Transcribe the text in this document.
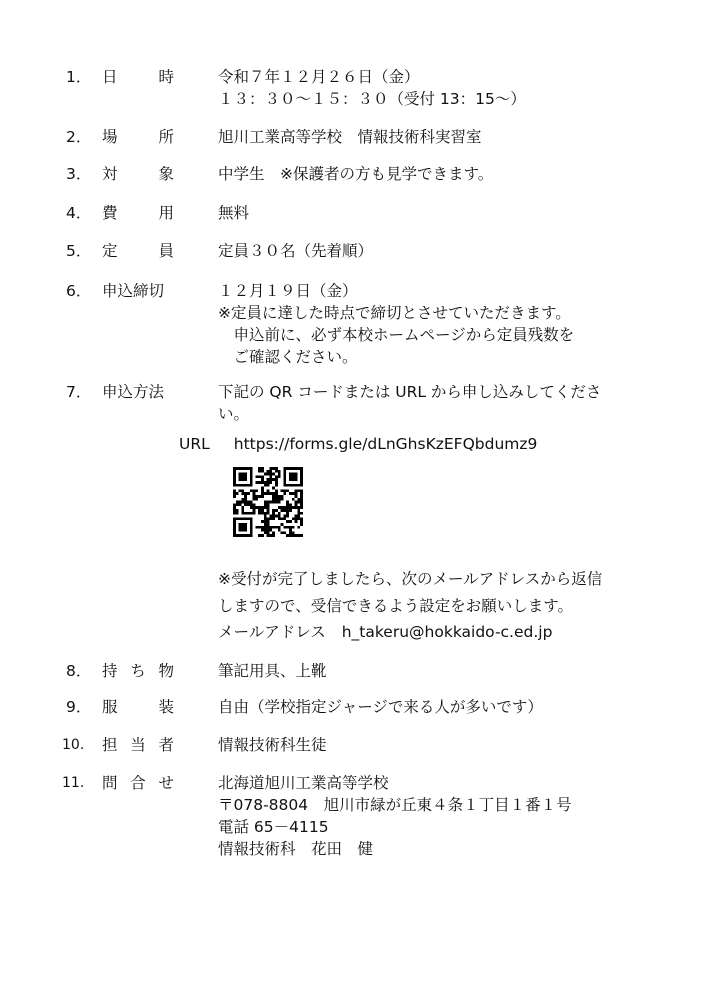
1． 日	時	令和７年１２月２６日（金）
１３：３０～１５：３０（受付 13：15～）
2． 場	所	旭川工業高等学校　情報技術科実習室
3． 対	象	中学生　※保護者の方も見学できます。
4． 費	用	無料
5． 定	員	定員３０名（先着順）
6． 申込締切	１２月１９日（金）
※定員に達した時点で締切とさせていただきます。
　申込前に、必ず本校ホームページから定員残数を
　ご確認ください。
7． 申込方法	下記の QR コードまたは URL から申し込みしてくださ
い。
URL https://forms.gle/dLnGhsKzEFQbdumz9
※受付が完了しましたら、次のメールアドレスから返信
しますので、受信できるよう設定をお願いします。
メールアドレス h_takeru@hokkaido-c.ed.jp
8． 持 ち 物	筆記用具、上靴
9． 服	装	自由（学校指定ジャージで来る人が多いです）
10. 担 当 者	情報技術科生徒
11. 問 合 せ	北海道旭川工業高等学校
〒078-8804　旭川市緑が丘東４条１丁目１番１号
電話 65－4115
情報技術科　花田　健
